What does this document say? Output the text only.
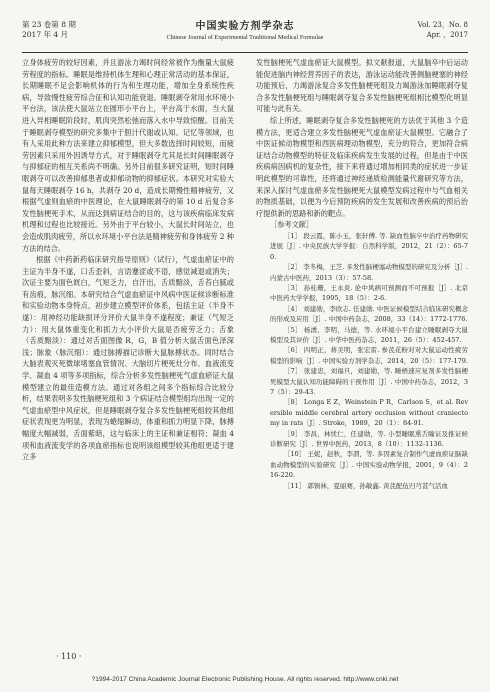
第 23 卷第 8 期
2017 年 4 月
中国实验方剂学杂志
Chinese Journal of Experimental Traditional Medical Formulae
Vol. 23，No. 8
Apr. ，2017

立身体疲劳的较好因素，并且游泳力竭时间经常被作为衡量大鼠疲劳程度的指标。睡眠是维持机体生理和心理正常活动的基本保证，长期睡眠不足会影响机体的行为和生理功能，增加全身系统性疾病，导致慢性疲劳综合征和认知功能衰退。睡眠剥夺常用水环境小平台法，该法使大鼠站立在圆形小平台上，平台高于水面，当大鼠进入异相睡眠阶段时，肌肉突然松弛而落入水中导致惊醒。目前关于睡眠剥夺模型的研究多集中于胆汁代谢或认知、记忆等领域，也有人采用此种方法来建立抑郁模型，但大多数选择时间较短，而疲劳因素只采用外因诱导方式，对于睡眠剥夺尤其是长时间睡眠剥夺与抑郁症的相互关系尚不明确。另外目前很多研究证明，短时间睡眠剥夺可以改善抑郁患者或抑郁动物的抑郁症状。本研究对实验大鼠每天睡眠剥夺 16 h，共剥夺 20 d，造成长期慢性精神疲劳，又根据气虚则血瘀的中医理论，在大鼠睡眠剥夺的第 10 d 后复合多发性脑梗死手术，从而达到病证结合的目的，这与该疾病临床发病机理和过程也比较接近。另外由于平台较小，大鼠长时间站立，也会造成肌肉疲劳，所以水环境小平台法是精神疲劳和身体疲劳 2 种方法的结合。

根据《中药新药临床研究指导原则》（试行），气虚血瘀证中的主证为半身不遂，口舌歪斜，言语蹇涩或不语，感觉减退或消失；次证主要为面色㿠白，气短乏力，自汗出，舌质黯淡，舌苔白腻或有齿痕，脉沉细。本研究结合气虚血瘀证中风病中医证候诊断标准和实验动物本身特点，初步建立模型评价体系，包括主证（半身不遂）：用神经功能缺损评分评价大鼠半身不遂程度；兼证（气短乏力）：用大鼠体重变化和抓力大小评价大鼠是否疲劳乏力；舌象（舌质黯淡）：通过对舌面图像 R，G，B 值分析大鼠舌面色泽深浅；脉象（脉沉细）：通过脉搏描记诊断大鼠脉搏状态。同时结合大脑表观灭死微球堵塞血管情况、大脑切片梗死灶分布、血液流变学、凝血 4 项等多项指标，综合分析多发性脑梗死气虚血瘀证大鼠模型建立的最佳造模方法。通过对各组之间多个指标综合比较分析，结果表明多发性脑梗死组和 3 个病证结合模型组均出现一定的气虚血瘀型中风症状，但是睡眠剥夺复合多发性脑梗死组较其他组症状表现更为明显，表现为蜷缩瞬动，体重和抓力明显下降，脉搏幅度大幅减弱，舌面紫暗，这与临床上的主证和兼证相符；凝血 4 项和血液流变学的各项血瘀指标也说明该组模型较其他组更适于建立多

发性脑梗死气虚血瘀证大鼠模型。拟文献报道，大鼠脑卒中后运动能促进脑内神经营养因子的表达，游泳运动能改善侧脑梗塞的神经功能预后，力竭游泳复合多发性脑梗死组及力竭游泳加睡眠剥夺复合多发性脑梗死组与睡眠剥夺复合多发性脑梗死组相比模型化明显可能与此有关。

综上所述，睡眠剥夺复合多发性脑梗死的方法优于其他 3 个造模方法，更适合建立多发性脑梗死气虚血瘀证大鼠模型。它融合了中医证候动物模型和西医病理动物模型，充分的符合，更加符合病证结合动物模型的特征及临床疾病发生发展的过程，但是由于中医疾病病因病机的复杂性，接下来将通过增加相同类的症状进一步证明此模型的可靠性，还将通过神经递质检测能量代谢研究等方法，来深入探讨气虚血瘀多发性脑梗死大鼠模型发病过程中与气血相关的物质基础，以便为今后预防疾病的发生发展和改善疾病的预后治疗提供新的思路和新的靶点。

［参考文献］

［1］ 段云霞，陈小玉，张轩傅. 等. 缺血性脑卒中治疗药物研究进展［J］. 中央民族大学学报：自然科学版，2012，21（2）：65-70.

［2］ 李冬梅，王芝. 多发性脑梗塞动物模型的研究及分析［J］. 内蒙古中医药，2013（3）：57-58.

［3］ 孙桂珊，王永炎. 论中风病可预测而不可预报［J］. 北京中医药大学学报，1995，18（5）：2-6.

［4］ 刘建勋，李欣志. 任建勋. 中医证候模型结合临床研究概念的形成及应用［J］. 中国中药杂志，2008，33（14）：1772-1776.

［5］ 杨湧，李明，马德，等. 水环境小平台建立睡眠剥夺大鼠模型及其评价［J］. 中华中医药杂志，2011，26（5）：452-457.

［6］ 四明正，蒋美明，张宏雷. 参芪花粉对对大鼠运动性疲劳模型的影响［J］. 中国实验方剂学杂志，2014，20（5）：177-179.

［7］ 张建忠，刘福旦，刘建勋，等. 睡梧速应复剂多发性脑梗死模型大鼠认知功能障碍的干预作用［J］. 中国中药杂志，2012，37（5）：29-43.

［8］ Longa E Z，Weinstein P R，Carlson S，et al. Reversible middle cerebral artery occlusion without craniectomy in rats［J］. Stroke，1989，20（1）：84-91.

［9］ 李昌，林忧仁，任建勋，等. 小型睡眠熏舌瞳证及推证候诊断研究［J］. 世界中医药，2013，8（10）：1132-1136.

［10］ 王妮，赵秋，李渭，等. 多因素复合制作气虚血瘀证脑缺血动物模型的实验研究［J］. 中国实验动物学报，2001，9（4）：216-220.

［11］ 郭镇林，夏丽赛，孙敏鑫. 黄芪配伍归芎甚气活血

· 110 ·
?1994-2017 China Academic Journal Electronic Publishing House. All rights reserved. http://www.cnki.net
